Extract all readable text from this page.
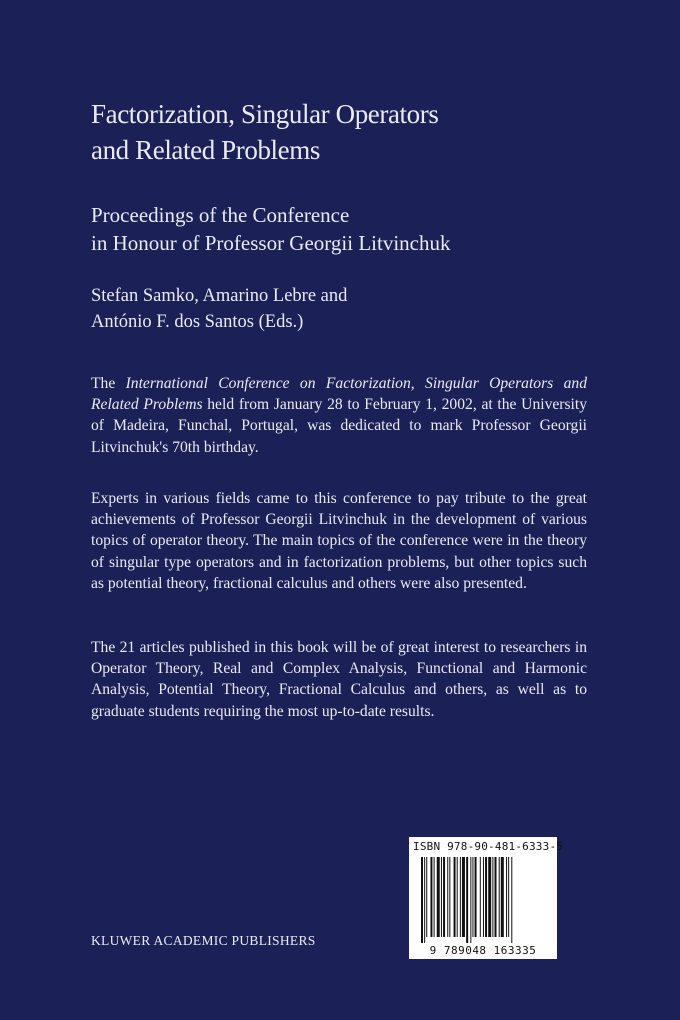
Factorization, Singular Operators
and Related Problems
Proceedings of the Conference
in Honour of Professor Georgii Litvinchuk
Stefan Samko, Amarino Lebre and
António F. dos Santos (Eds.)

The International Conference on Factorization, Singular Operators and Related Problems held from January 28 to February 1, 2002, at the University of Madeira, Funchal, Portugal, was dedicated to mark Professor Georgii Litvinchuk's 70th birthday.

Experts in various fields came to this conference to pay tribute to the great achievements of Professor Georgii Litvinchuk in the development of various topics of operator theory. The main topics of the conference were in the theory of singular type operators and in factorization problems, but other topics such as potential theory, fractional calculus and others were also presented.

The 21 articles published in this book will be of great interest to researchers in Operator Theory, Real and Complex Analysis, Functional and Harmonic Analysis, Potential Theory, Fractional Calculus and others, as well as to graduate students requiring the most up-to-date results.

ISBN 978-90-481-6333-5
9 789048 163335
KLUWER ACADEMIC PUBLISHERS
